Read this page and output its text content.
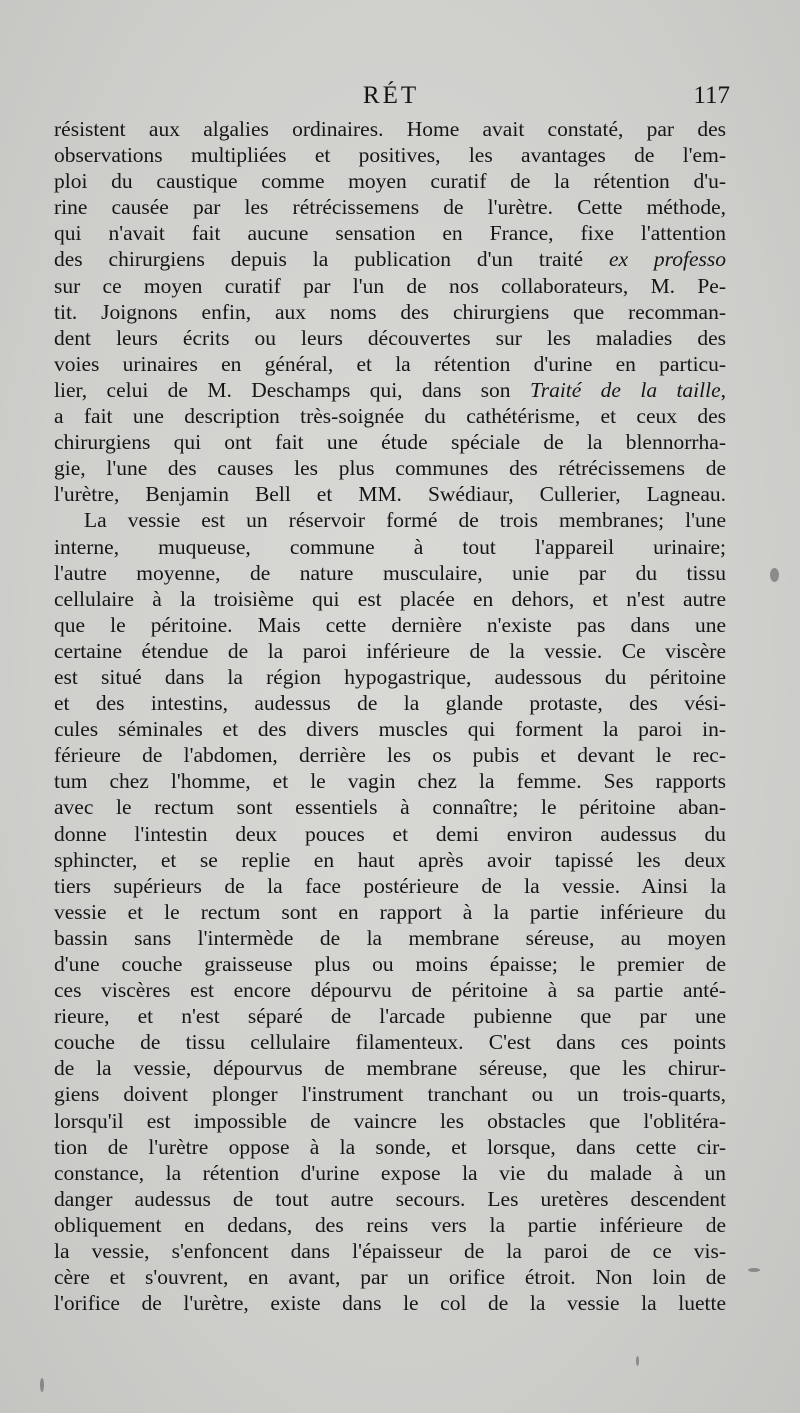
RÉT	117
résistent aux algalies ordinaires. Home avait constaté, par des
observations multipliées et positives, les avantages de l'em-
ploi du caustique comme moyen curatif de la rétention d'u-
rine causée par les rétrécissemens de l'urètre. Cette méthode,
qui n'avait fait aucune sensation en France, fixe l'attention
des chirurgiens depuis la publication d'un traité ex professo
sur ce moyen curatif par l'un de nos collaborateurs, M. Pe-
tit. Joignons enfin, aux noms des chirurgiens que recomman-
dent leurs écrits ou leurs découvertes sur les maladies des
voies urinaires en général, et la rétention d'urine en particu-
lier, celui de M. Deschamps qui, dans son Traité de la taille,
a fait une description très-soignée du cathétérisme, et ceux des
chirurgiens qui ont fait une étude spéciale de la blennorrha-
gie, l'une des causes les plus communes des rétrécissemens de
l'urètre, Benjamin Bell et MM. Swédiaur, Cullerier, Lagneau.
La vessie est un réservoir formé de trois membranes; l'une
interne, muqueuse, commune à tout l'appareil urinaire;
l'autre moyenne, de nature musculaire, unie par du tissu
cellulaire à la troisième qui est placée en dehors, et n'est autre
que le péritoine. Mais cette dernière n'existe pas dans une
certaine étendue de la paroi inférieure de la vessie. Ce viscère
est situé dans la région hypogastrique, audessous du péritoine
et des intestins, audessus de la glande protaste, des vési-
cules séminales et des divers muscles qui forment la paroi in-
férieure de l'abdomen, derrière les os pubis et devant le rec-
tum chez l'homme, et le vagin chez la femme. Ses rapports
avec le rectum sont essentiels à connaître; le péritoine aban-
donne l'intestin deux pouces et demi environ audessus du
sphincter, et se replie en haut après avoir tapissé les deux
tiers supérieurs de la face postérieure de la vessie. Ainsi la
vessie et le rectum sont en rapport à la partie inférieure du
bassin sans l'intermède de la membrane séreuse, au moyen
d'une couche graisseuse plus ou moins épaisse; le premier de
ces viscères est encore dépourvu de péritoine à sa partie anté-
rieure, et n'est séparé de l'arcade pubienne que par une
couche de tissu cellulaire filamenteux. C'est dans ces points
de la vessie, dépourvus de membrane séreuse, que les chirur-
giens doivent plonger l'instrument tranchant ou un trois-quarts,
lorsqu'il est impossible de vaincre les obstacles que l'oblitéra-
tion de l'urètre oppose à la sonde, et lorsque, dans cette cir-
constance, la rétention d'urine expose la vie du malade à un
danger audessus de tout autre secours. Les uretères descendent
obliquement en dedans, des reins vers la partie inférieure de
la vessie, s'enfoncent dans l'épaisseur de la paroi de ce vis-
cère et s'ouvrent, en avant, par un orifice étroit. Non loin de
l'orifice de l'urètre, existe dans le col de la vessie la luette
